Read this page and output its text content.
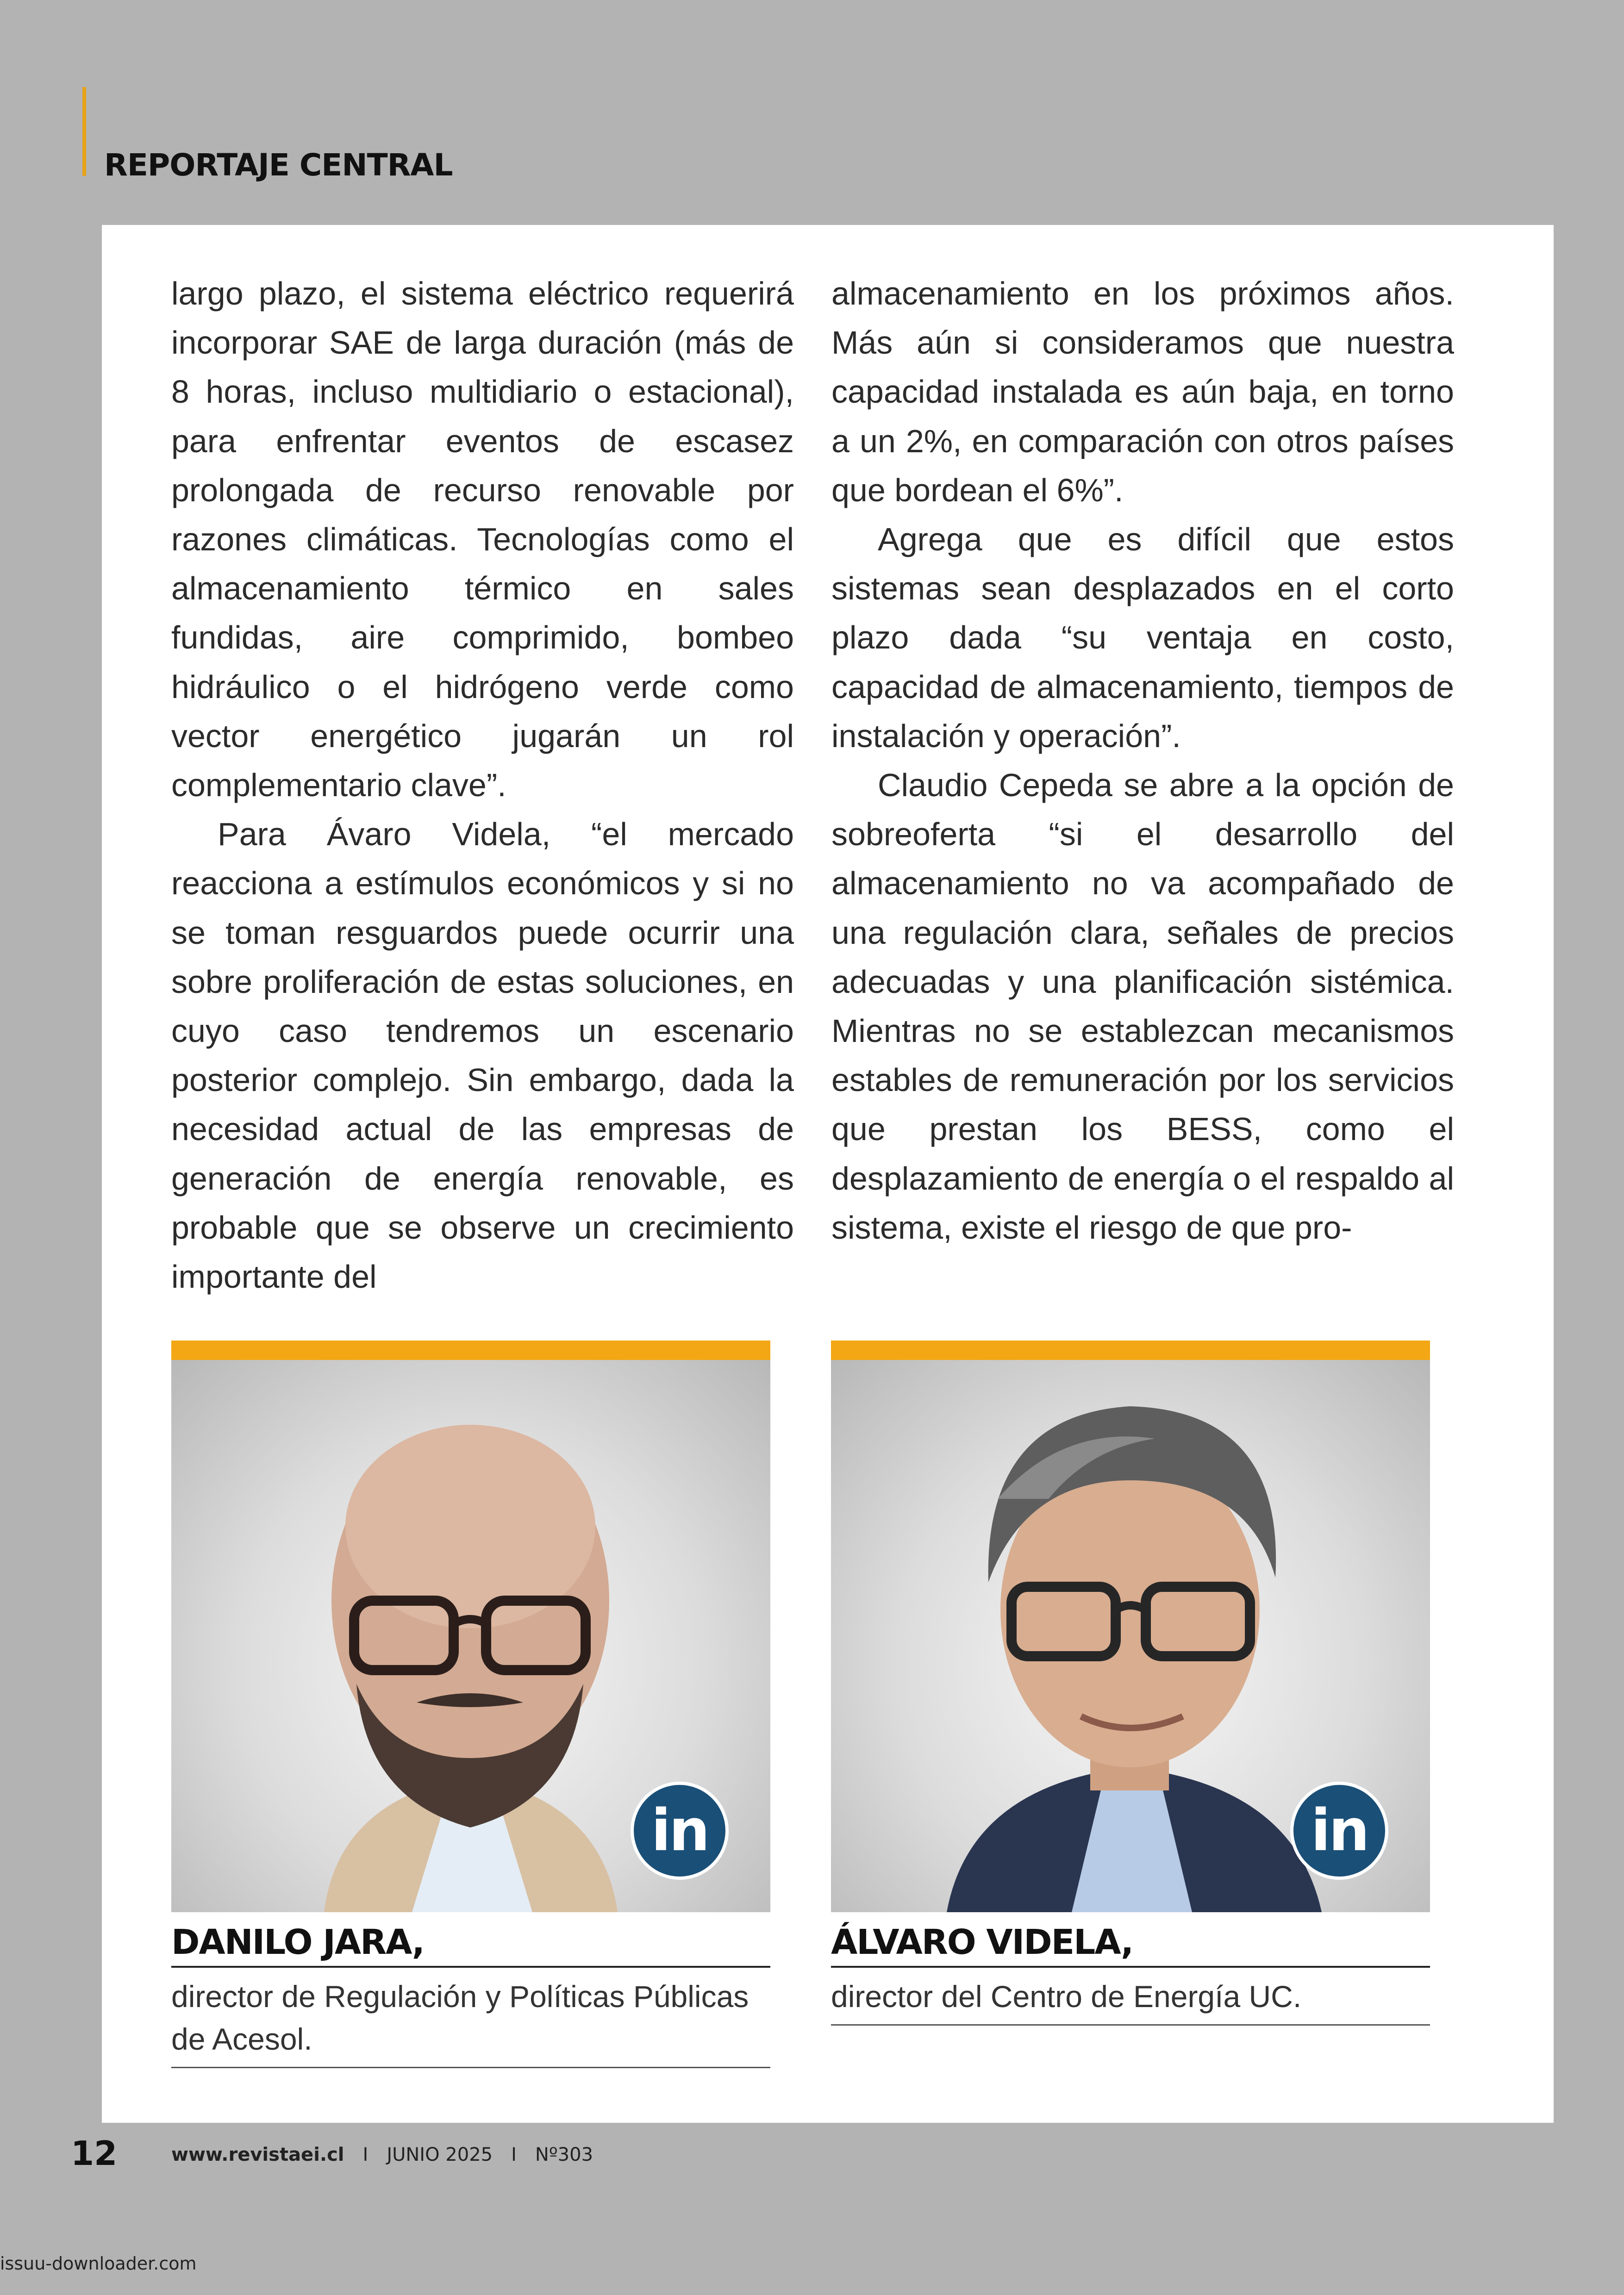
REPORTAJE CENTRAL

largo plazo, el sistema eléctrico requerirá incorporar SAE de larga duración (más de 8 horas, incluso multidiario o estacional), para enfrentar eventos de escasez prolongada de recurso renovable por razones climáticas. Tecnologías como el almacenamiento térmico en sales fundidas, aire comprimido, bombeo hidráulico o el hidrógeno verde como vector energético jugarán un rol complementario clave”.

Para Ávaro Videla, “el mercado reacciona a estímulos económicos y si no se toman resguardos puede ocurrir una sobre proliferación de estas soluciones, en cuyo caso tendremos un escenario posterior complejo. Sin embargo, dada la necesidad actual de las empresas de generación de energía renovable, es probable que se observe un crecimiento importante del

almacenamiento en los próximos años. Más aún si consideramos que nuestra capacidad instalada es aún baja, en torno a un 2%, en comparación con otros países que bordean el 6%”.

Agrega que es difícil que estos sistemas sean desplazados en el corto plazo dada “su ventaja en costo, capacidad de almacenamiento, tiempos de instalación y operación”.

Claudio Cepeda se abre a la opción de sobreoferta “si el desarrollo del almacenamiento no va acompañado de una regulación clara, señales de precios adecuadas y una planificación sistémica. Mientras no se establezcan mecanismos estables de remuneración por los servicios que prestan los BESS, como el desplazamiento de energía o el respaldo al sistema, existe el riesgo de que pro-

in
DANILO JARA,

director de Regulación y Políticas Públicas de Acesol.

in
ÁLVARO VIDELA,

director del Centro de Energía UC.

12	www.revistaei.cl I JUNIO 2025 I Nº303
issuu-downloader.com
